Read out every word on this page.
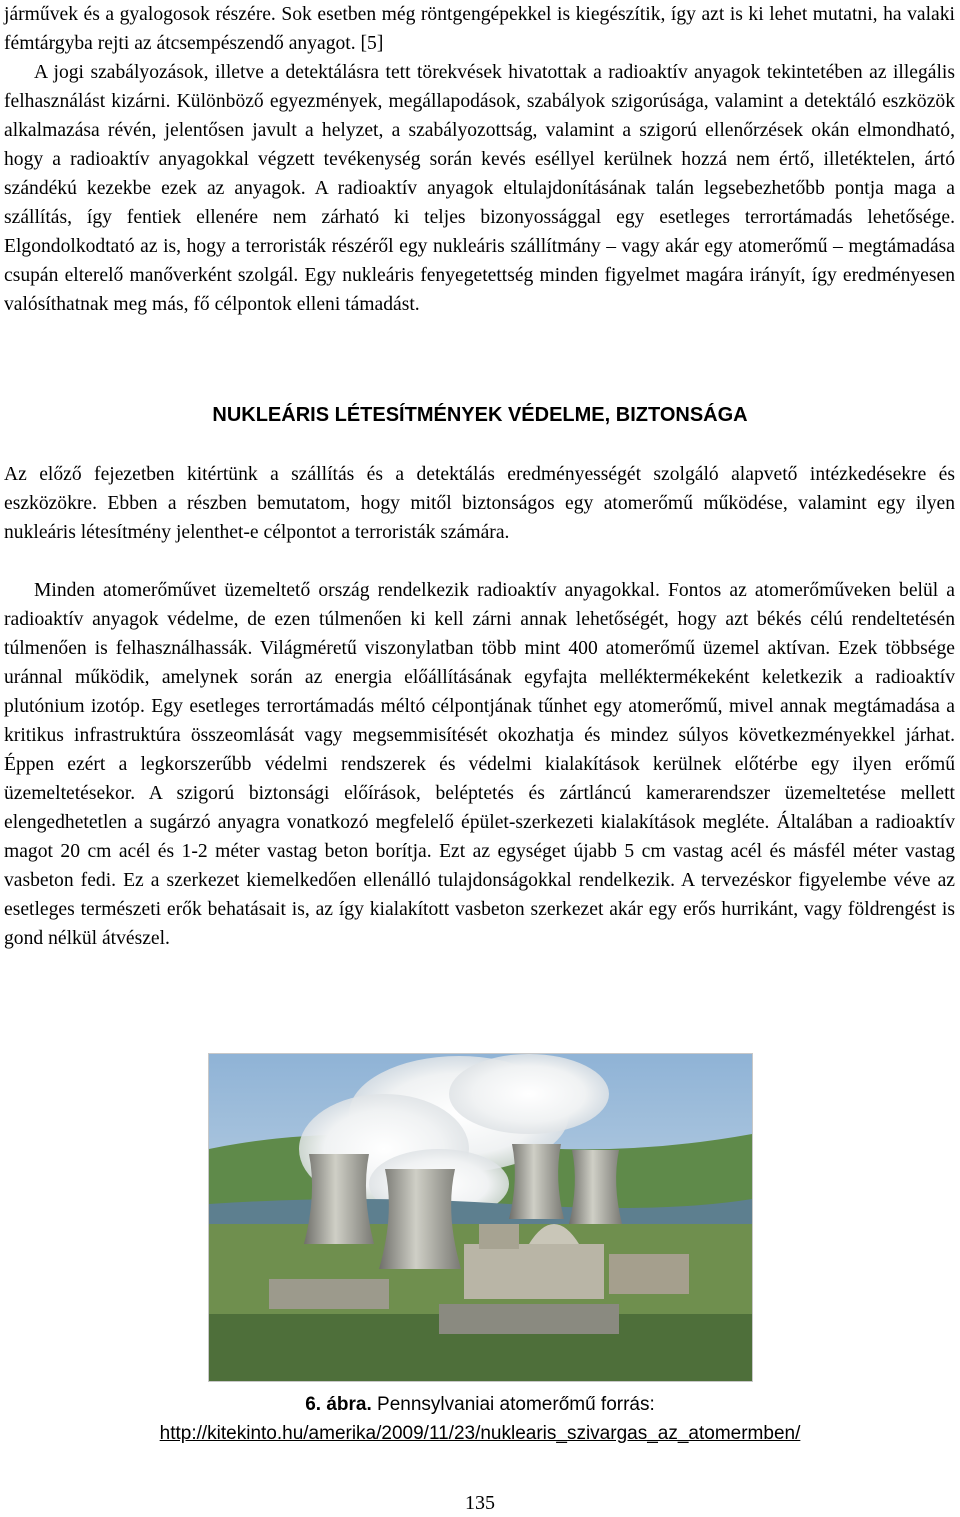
járművek és a gyalogosok részére. Sok esetben még röntgengépekkel is kiegészítik, így azt is ki lehet mutatni, ha valaki fémtárgyba rejti az átcsempészendő anyagot. [5]

A jogi szabályozások, illetve a detektálásra tett törekvések hivatottak a radioaktív anyagok tekintetében az illegális felhasználást kizárni. Különböző egyezmények, megállapodások, szabályok szigorúsága, valamint a detektáló eszközök alkalmazása révén, jelentősen javult a helyzet, a szabályozottság, valamint a szigorú ellenőrzések okán elmondható, hogy a radioaktív anyagokkal végzett tevékenység során kevés eséllyel kerülnek hozzá nem értő, illetéktelen, ártó szándékú kezekbe ezek az anyagok. A radioaktív anyagok eltulajdonításának talán legsebezhetőbb pontja maga a szállítás, így fentiek ellenére nem zárható ki teljes bizonyossággal egy esetleges terrortámadás lehetősége. Elgondolkodtató az is, hogy a terroristák részéről egy nukleáris szállítmány – vagy akár egy atomerőmű – megtámadása csupán elterelő manőverként szolgál. Egy nukleáris fenyegetettség minden figyelmet magára irányít, így eredményesen valósíthatnak meg más, fő célpontok elleni támadást.

NUKLEÁRIS LÉTESÍTMÉNYEK VÉDELME, BIZTONSÁGA

Az előző fejezetben kitértünk a szállítás és a detektálás eredményességét szolgáló alapvető intézkedésekre és eszközökre. Ebben a részben bemutatom, hogy mitől biztonságos egy atomerőmű működése, valamint egy ilyen nukleáris létesítmény jelenthet-e célpontot a terroristák számára.

Minden atomerőművet üzemeltető ország rendelkezik radioaktív anyagokkal. Fontos az atomerőműveken belül a radioaktív anyagok védelme, de ezen túlmenően ki kell zárni annak lehetőségét, hogy azt békés célú rendeltetésén túlmenően is felhasználhassák. Világméretű viszonylatban több mint 400 atomerőmű üzemel aktívan. Ezek többsége uránnal működik, amelynek során az energia előállításának egyfajta melléktermékeként keletkezik a radioaktív plutónium izotóp. Egy esetleges terrortámadás méltó célpontjának tűnhet egy atomerőmű, mivel annak megtámadása a kritikus infrastruktúra összeomlását vagy megsemmisítését okozhatja és mindez súlyos következményekkel járhat. Éppen ezért a legkorszerűbb védelmi rendszerek és védelmi kialakítások kerülnek előtérbe egy ilyen erőmű üzemeltetésekor. A szigorú biztonsági előírások, beléptetés és zártláncú kamerarendszer üzemeltetése mellett elengedhetetlen a sugárzó anyagra vonatkozó megfelelő épület-szerkezeti kialakítások megléte. Általában a radioaktív magot 20 cm acél és 1-2 méter vastag beton borítja. Ezt az egységet újabb 5 cm vastag acél és másfél méter vastag vasbeton fedi. Ez a szerkezet kiemelkedően ellenálló tulajdonságokkal rendelkezik. A tervezéskor figyelembe véve az esetleges természeti erők behatásait is, az így kialakított vasbeton szerkezet akár egy erős hurrikánt, vagy földrengést is gond nélkül átvészel.

6. ábra. Pennsylvaniai atomerőmű forrás:

http://kitekinto.hu/amerika/2009/11/23/nuklearis_szivargas_az_atomermben/

135
